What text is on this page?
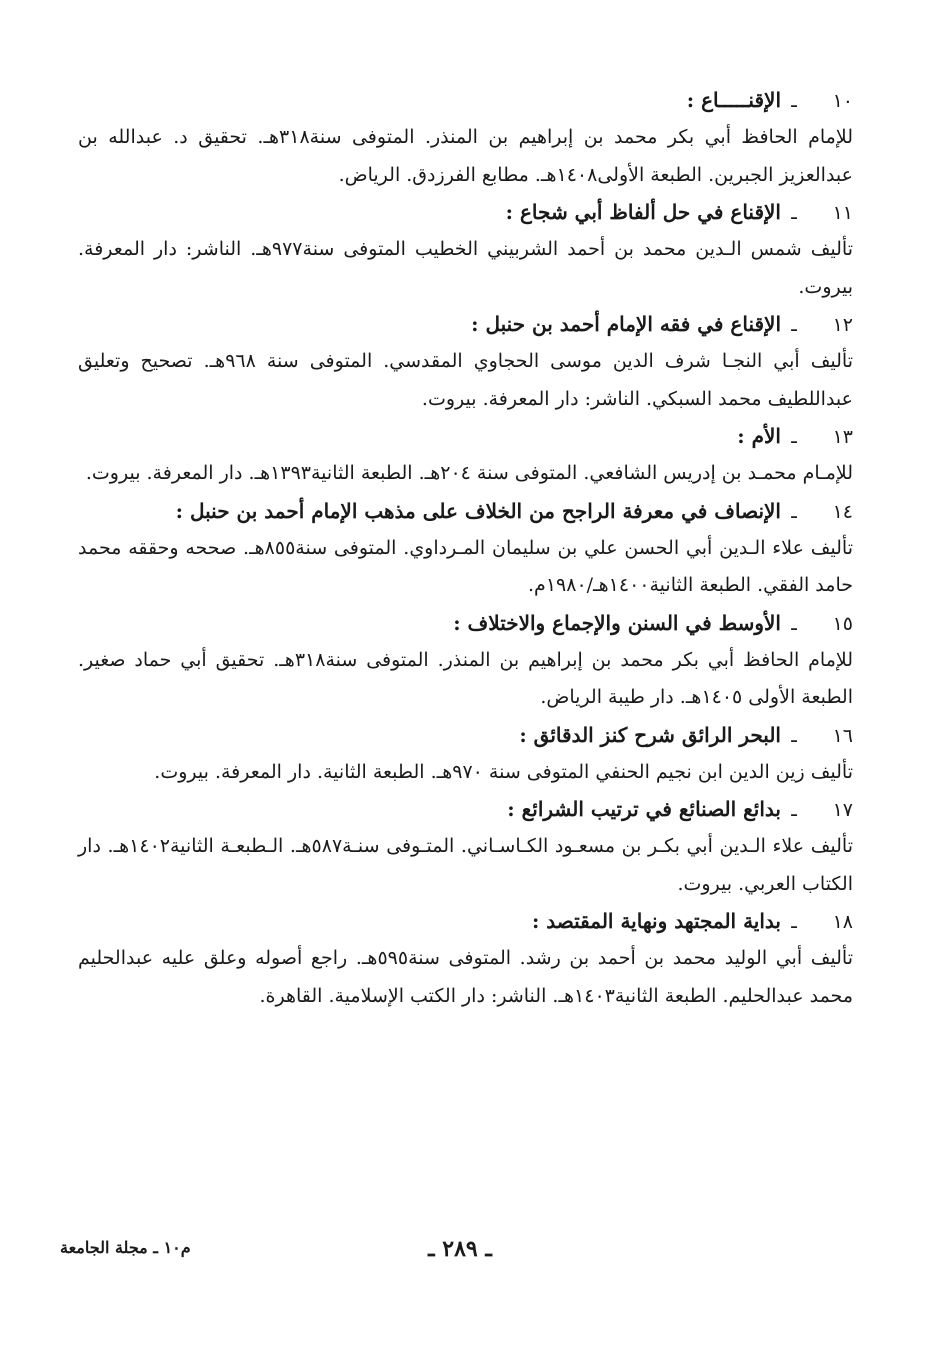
١٠
ـ
الإقنـــــاع :

للإمام الحافظ أبي بكر محمد بن إبراهيم بن المنذر. المتوفى سنة٣١٨هـ. تحقيق د. عبدالله بن عبدالعزيز الجبرين. الطبعة الأولى١٤٠٨هـ. مطابع الفرزدق. الرياض.

١١
ـ
الإقناع في حل ألفاظ أبي شجاع :

تأليف شمس الـدين محمد بن أحمد الشربيني الخطيب المتوفى سنة٩٧٧هـ. الناشر: دار المعرفة. بيروت.

١٢
ـ
الإقناع في فقه الإمام أحمد بن حنبل :

تأليف أبي النجـا شرف الدين موسى الحجاوي المقدسي. المتوفى سنة ٩٦٨هـ. تصحيح وتعليق عبداللطيف محمد السبكي. الناشر: دار المعرفة. بيروت.

١٣
ـ
الأم :

للإمـام محمـد بن إدريس الشافعي. المتوفى سنة ٢٠٤هـ. الطبعة الثانية١٣٩٣هـ. دار المعرفة. بيروت.

١٤
ـ
الإنصاف في معرفة الراجح من الخلاف على مذهب الإمام أحمد بن حنبل :

تأليف علاء الـدين أبي الحسن علي بن سليمان المـرداوي. المتوفى سنة٨٥٥هـ. صححه وحققه محمد حامد الفقي. الطبعة الثانية١٤٠٠هـ/١٩٨٠م.

١٥
ـ
الأوسط في السنن والإجماع والاختلاف :

للإمام الحافظ أبي بكر محمد بن إبراهيم بن المنذر. المتوفى سنة٣١٨هـ. تحقيق أبي حماد صغير. الطبعة الأولى ١٤٠٥هـ. دار طيبة الرياض.

١٦
ـ
البحر الرائق شرح كنز الدقائق :

تأليف زين الدين ابن نجيم الحنفي المتوفى سنة ٩٧٠هـ. الطبعة الثانية. دار المعرفة. بيروت.

١٧
ـ
بدائع الصنائع في ترتيب الشرائع :

تأليف علاء الـدين أبي بكـر بن مسعـود الكـاسـاني. المتـوفى سنـة٥٨٧هـ. الـطبعـة الثانية١٤٠٢هـ. دار الكتاب العربي. بيروت.

١٨
ـ
بداية المجتهد ونهاية المقتصد :

تأليف أبي الوليد محمد بن أحمد بن رشد. المتوفى سنة٥٩٥هـ. راجع أصوله وعلق عليه عبدالحليم محمد عبدالحليم. الطبعة الثانية١٤٠٣هـ. الناشر: دار الكتب الإسلامية. القاهرة.

ـ ٢٨٩ ـ
م١٠ ـ مجلة الجامعة
